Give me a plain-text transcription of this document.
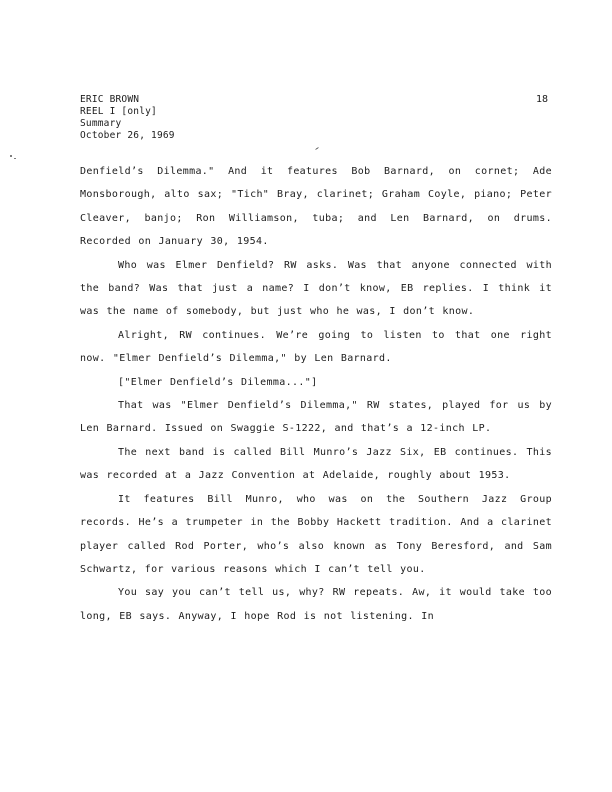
ERIC BROWN
REEL I [only]
Summary
October 26, 1969
18

Denfield’s Dilemma." And it features Bob Barnard, on cornet; Ade Monsborough, alto sax; "Tich" Bray, clarinet; Graham Coyle, piano; Peter Cleaver, banjo; Ron Williamson, tuba; and Len Barnard, on drums. Recorded on January 30, 1954.

Who was Elmer Denfield? RW asks. Was that anyone connected with the band? Was that just a name? I don’t know, EB replies. I think it was the name of somebody, but just who he was, I don’t know.

Alright, RW continues. We’re going to listen to that one right now. "Elmer Denfield’s Dilemma," by Len Barnard.

["Elmer Denfield’s Dilemma..."]

That was "Elmer Denfield’s Dilemma," RW states, played for us by Len Barnard. Issued on Swaggie S-1222, and that’s a 12-inch LP.

The next band is called Bill Munro’s Jazz Six, EB continues. This was recorded at a Jazz Convention at Adelaide, roughly about 1953.

It features Bill Munro, who was on the Southern Jazz Group records. He’s a trumpeter in the Bobby Hackett tradition. And a clarinet player called Rod Porter, who’s also known as Tony Beresford, and Sam Schwartz, for various reasons which I can’t tell you.

You say you can’t tell us, why? RW repeats. Aw, it would take too long, EB says. Anyway, I hope Rod is not listening. In
